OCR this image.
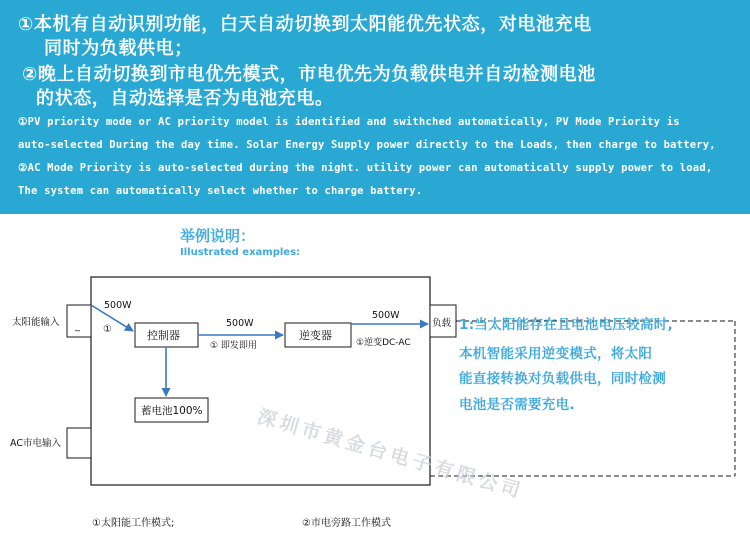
①本机有自动识别功能，白天自动切换到太阳能优先状态，对电池充电
同时为负载供电；
②晚上自动切换到市电优先模式，市电优先为负载供电并自动检测电池
的状态，自动选择是否为电池充电。
①PV priority mode or AC priority model is identified and swithched automatically, PV Mode Priority is
auto-selected During the day time. Solar Energy Supply power directly to the Loads, then charge to battery,
②AC Mode Priority is auto-selected during the night. utility power can automatically supply power to load,
The system can automatically select whether to charge battery.
举例说明：
Illustrated examples:
_
太阳能输入
AC市电输入
负载
控制器	逆变器
蓄电池100%
500W
①
500W
① 即发即用
500W
①逆变DC-AC
1:当太阳能存在且电池电压较高时,
本机智能采用逆变模式，将太阳
能直接转换对负载供电，同时检测
电池是否需要充电.
深圳市黄金台电子有限公司
①太阳能工作模式;	②市电旁路工作模式
